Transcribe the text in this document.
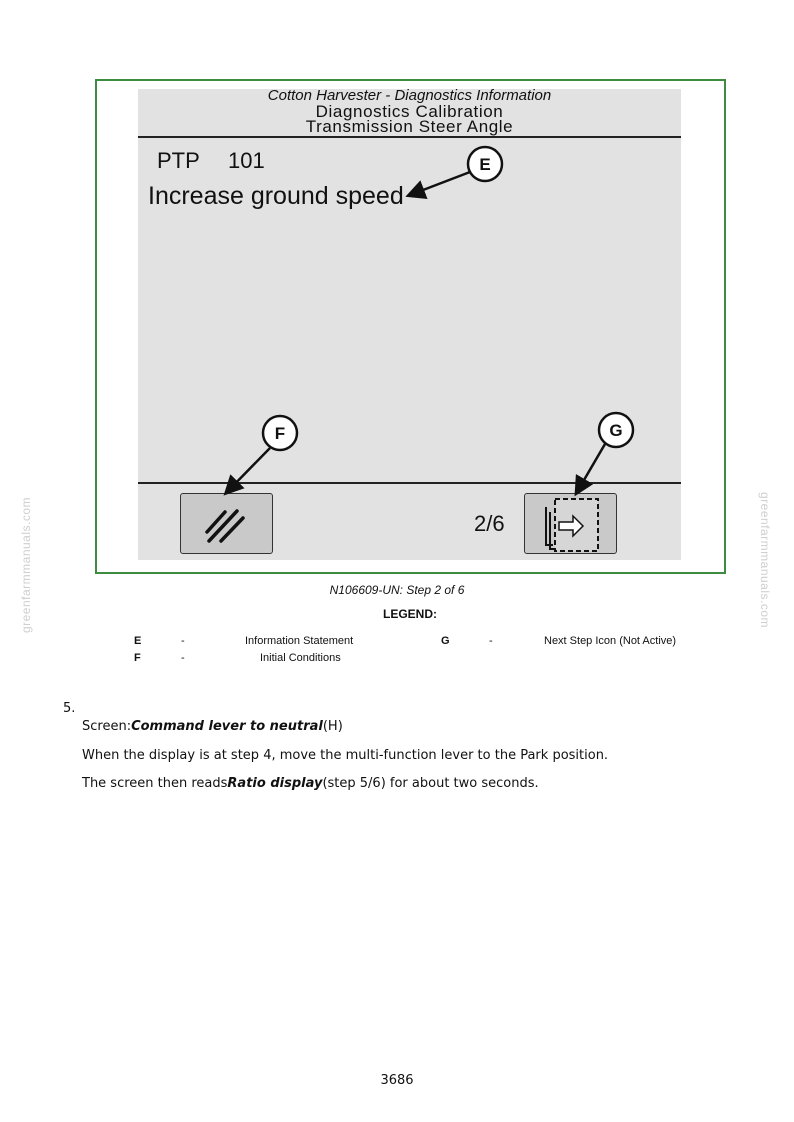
greenfarmmanuals.com	greenfarmmanuals.com
Cotton Harvester - Diagnostics Information
Diagnostics Calibration
Transmission Steer Angle
PTP 101
Increase ground speed
2/6
E
F	G
N106609-UN: Step 2 of 6
LEGEND:
E	-	Information Statement
F	-	Initial Conditions
G	-	Next Step Icon (Not Active)
5.
Screen:Command lever to neutral(H)
When the display is at step 4, move the multi-function lever to the Park position.
The screen then readsRatio display(step 5/6) for about two seconds.
3686
